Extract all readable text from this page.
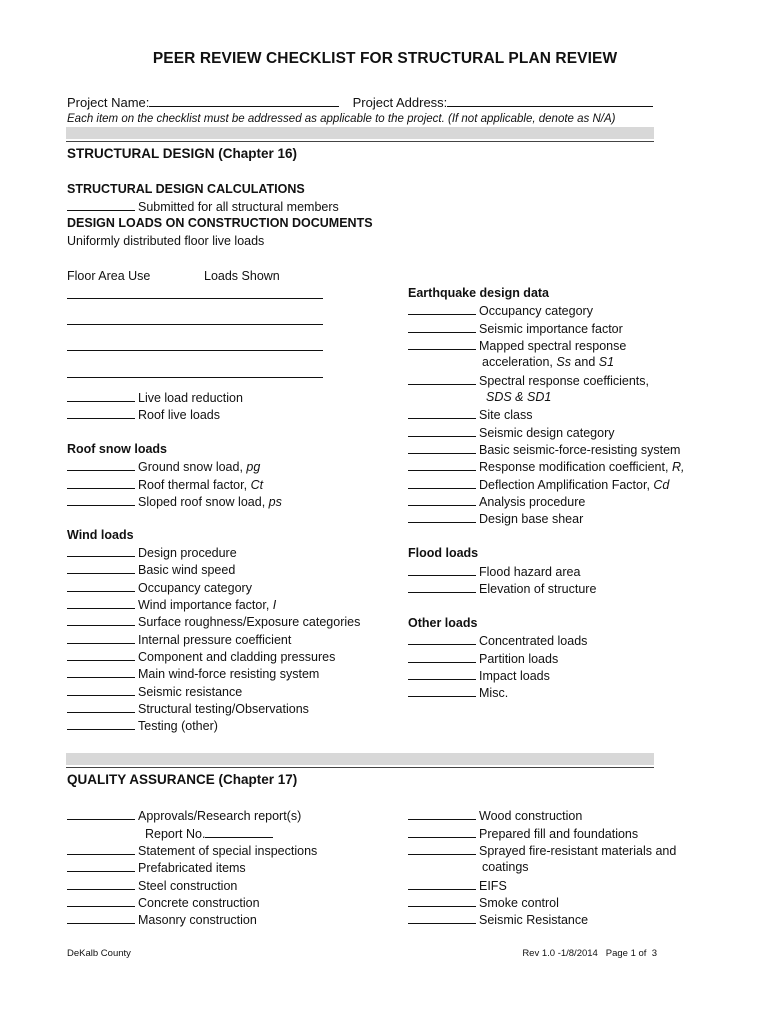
PEER REVIEW CHECKLIST FOR STRUCTURAL PLAN REVIEW
Project Name:	Project Address:
Each item on the checklist must be addressed as applicable to the project. (If not applicable, denote as N/A)
STRUCTURAL DESIGN (Chapter 16)
STRUCTURAL DESIGN CALCULATIONS
Submitted for all structural members
DESIGN LOADS ON CONSTRUCTION DOCUMENTS
Uniformly distributed floor live loads
Floor Area Use	Loads Shown
Live load reduction
Roof live loads
Roof snow loads
Ground snow load, pg
Roof thermal factor, Ct
Sloped roof snow load, ps
Wind loads
Design procedure
Basic wind speed
Occupancy category
Wind importance factor, I
Surface roughness/Exposure categories
Internal pressure coefficient
Component and cladding pressures
Main wind-force resisting system
Seismic resistance
Structural testing/Observations
Testing (other)
Earthquake design data
Occupancy category
Seismic importance factor
Mapped spectral response
acceleration, Ss and S1
Spectral response coefficients,
SDS & SD1
Site class
Seismic design category
Basic seismic-force-resisting system
Response modification coefficient, R,
Deflection Amplification Factor, Cd
Analysis procedure
Design base shear
Flood loads
Flood hazard area
Elevation of structure
Other loads
Concentrated loads
Partition loads
Impact loads
Misc.
QUALITY ASSURANCE (Chapter 17)
Approvals/Research report(s)
Report No.
Statement of special inspections
Prefabricated items
Steel construction
Concrete construction
Masonry construction
Wood construction
Prepared fill and foundations
Sprayed fire-resistant materials and
coatings
EIFS
Smoke control
Seismic Resistance
DeKalb County	Rev 1.0 -1/8/2014   Page 1 of  3
